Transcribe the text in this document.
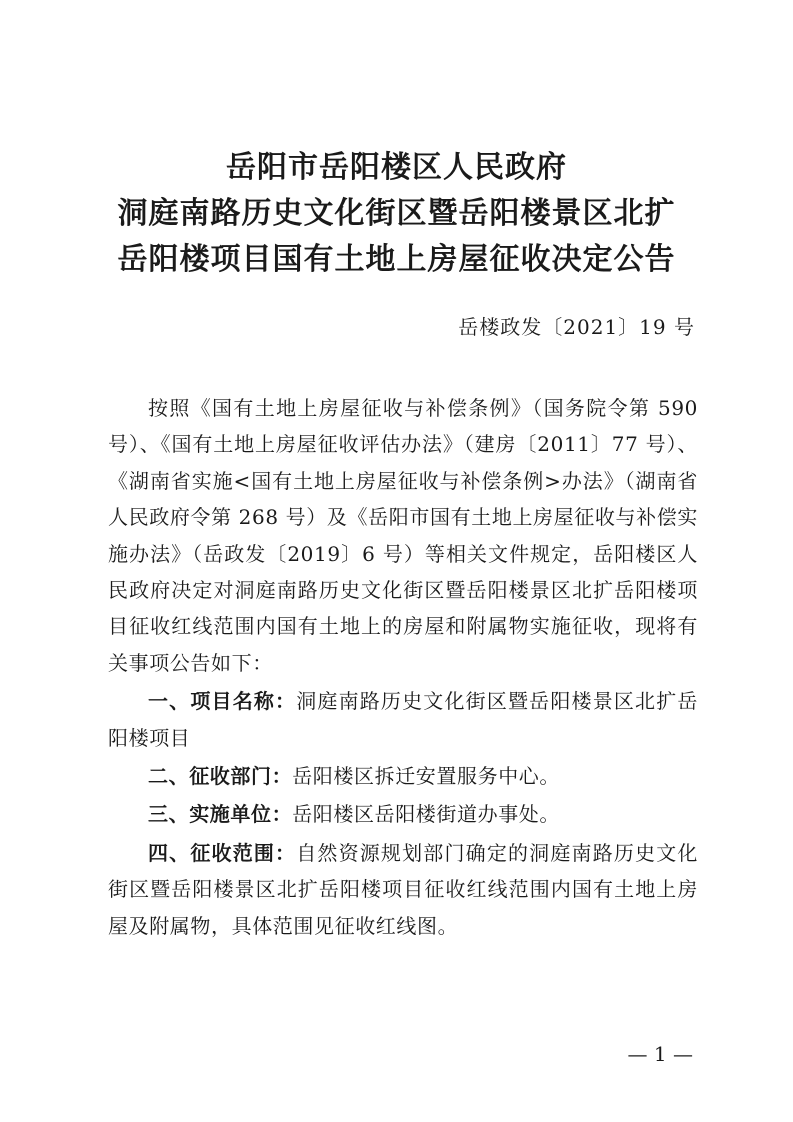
岳阳市岳阳楼区人民政府
洞庭南路历史文化街区暨岳阳楼景区北扩
岳阳楼项目国有土地上房屋征收决定公告
岳楼政发〔2021〕19 号

按照《国有土地上房屋征收与补偿条例》（国务院令第 590 号）、《国有土地上房屋征收评估办法》（建房〔2011〕77 号）、《湖南省实施<国有土地上房屋征收与补偿条例>办法》（湖南省人民政府令第 268 号）及《岳阳市国有土地上房屋征收与补偿实施办法》（岳政发〔2019〕6 号）等相关文件规定，岳阳楼区人民政府决定对洞庭南路历史文化街区暨岳阳楼景区北扩岳阳楼项目征收红线范围内国有土地上的房屋和附属物实施征收，现将有关事项公告如下：

一、项目名称：洞庭南路历史文化街区暨岳阳楼景区北扩岳阳楼项目

二、征收部门：岳阳楼区拆迁安置服务中心。

三、实施单位：岳阳楼区岳阳楼街道办事处。

四、征收范围：自然资源规划部门确定的洞庭南路历史文化街区暨岳阳楼景区北扩岳阳楼项目征收红线范围内国有土地上房屋及附属物，具体范围见征收红线图。

— 1 —
